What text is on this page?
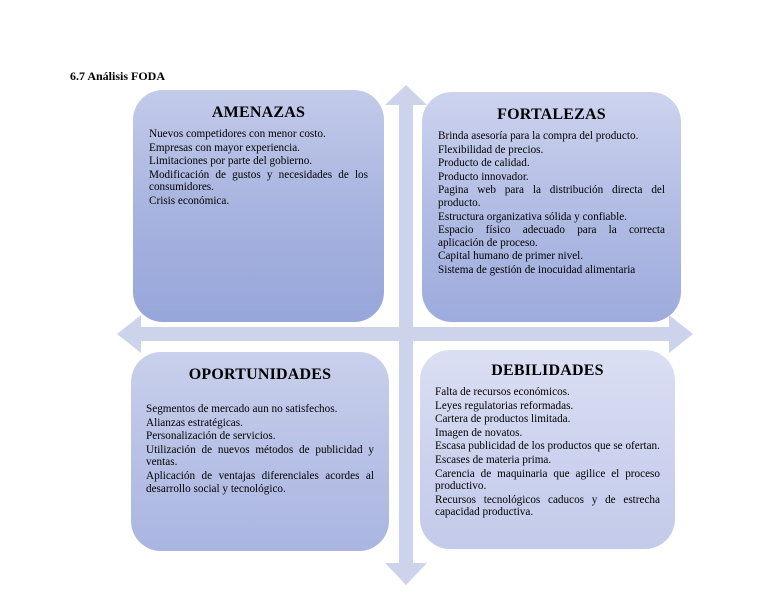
6.7 Análisis FODA
AMENAZAS
Nuevos competidores con menor costo.
Empresas con mayor experiencia.
Limitaciones por parte del gobierno.
Modificación de gustos y necesidades de los consumidores.
Crisis económica.
FORTALEZAS
Brinda asesoría para la compra del producto.
Flexibilidad de precios.
Producto de calidad.
Producto innovador.
Pagina web para la distribución directa del producto.
Estructura organizativa sólida y confiable.
Espacio físico adecuado para la correcta aplicación de proceso.
Capital humano de primer nivel.
Sistema de gestión de inocuidad alimentaria
OPORTUNIDADES
Segmentos de mercado aun no satisfechos.
Alianzas estratégicas.
Personalización de servicios.
Utilización de nuevos métodos de publicidad y ventas.
Aplicación de ventajas diferenciales acordes al desarrollo social y tecnológico.
DEBILIDADES
Falta de recursos económicos.
Leyes regulatorias reformadas.
Cartera de productos limitada.
Imagen de novatos.
Escasa publicidad de los productos que se ofertan.
Escases de materia prima.
Carencia de maquinaria que agilice el proceso productivo.
Recursos tecnológicos caducos y de estrecha capacidad productiva.
